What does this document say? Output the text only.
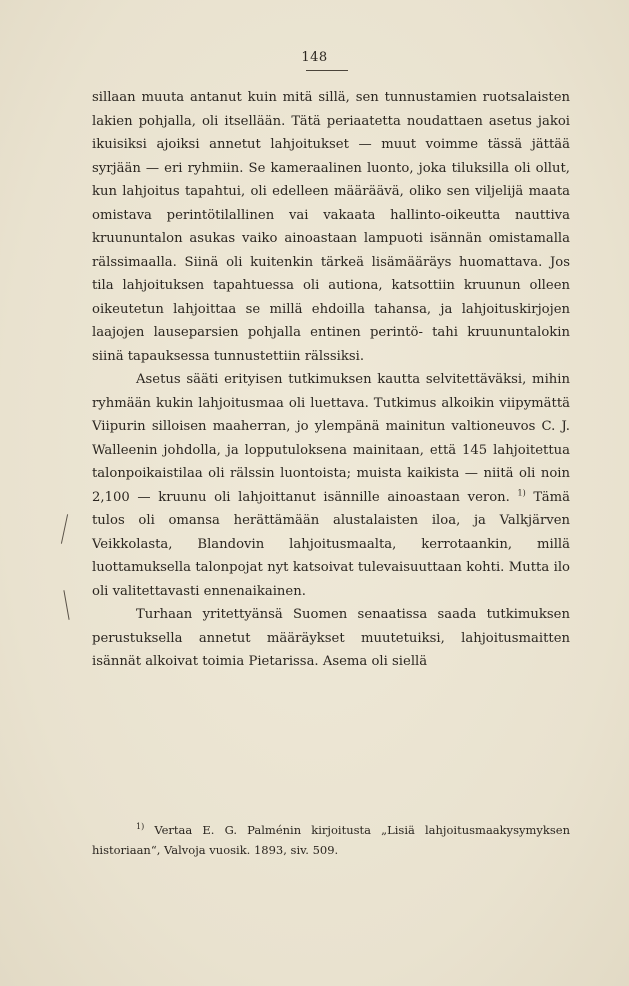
148

sillaan muuta antanut kuin mitä sillä, sen tunnustamien ruotsalaisten lakien pohjalla, oli itsellään. Tätä periaatetta noudattaen asetus jakoi ikuisiksi ajoiksi annetut lahjoitukset — muut voimme tässä jättää syrjään — eri ryhmiin. Se kameraalinen luonto, joka tiluksilla oli ollut, kun lahjoitus tapahtui, oli edelleen määräävä, oliko sen viljelijä maata omistava perintötilallinen vai vakaata hallinto-oikeutta nauttiva kruununtalon asukas vaiko ainoastaan lampuoti isännän omistamalla rälssimaalla. Siinä oli kuitenkin tärkeä lisämääräys huomattava. Jos tila lahjoituksen tapahtuessa oli autiona, katsottiin kruunun olleen oikeutetun lahjoittaa se millä ehdoilla tahansa, ja lahjoituskirjojen laajojen lauseparsien pohjalla entinen perintö- tahi kruununtalokin siinä tapauksessa tunnustettiin rälssiksi.

Asetus sääti erityisen tutkimuksen kautta selvitettäväksi, mihin ryhmään kukin lahjoitusmaa oli luettava. Tutkimus alkoikin viipymättä Viipurin silloisen maaherran, jo ylempänä mainitun valtioneuvos C. J. Walleenin johdolla, ja lopputuloksena mainitaan, että 145 lahjoitettua talonpoikaistilaa oli rälssin luontoista; muista kaikista — niitä oli noin 2,100 — kruunu oli lahjoittanut isännille ainoastaan veron. $^{1)}$ Tämä tulos oli omansa herättämään alustalaisten iloa, ja Valkjärven Veikkolasta, Blandovin lahjoitusmaalta, kerrotaankin, millä luottamuksella talonpojat nyt katsoivat tulevaisuuttaan kohti. Mutta ilo oli valitettavasti ennenaikainen.

Turhaan yritettyänsä Suomen senaatissa saada tutkimuksen perustuksella annetut määräykset muutetuiksi, lahjoitusmaitten isännät alkoivat toimia Pietarissa. Asema oli siellä

$^{1)}$ Vertaa E. G. Palménin kirjoitusta „Lisiä lahjoitusmaakysymyksen historiaan“, Valvoja vuosik. 1893, siv. 509.
